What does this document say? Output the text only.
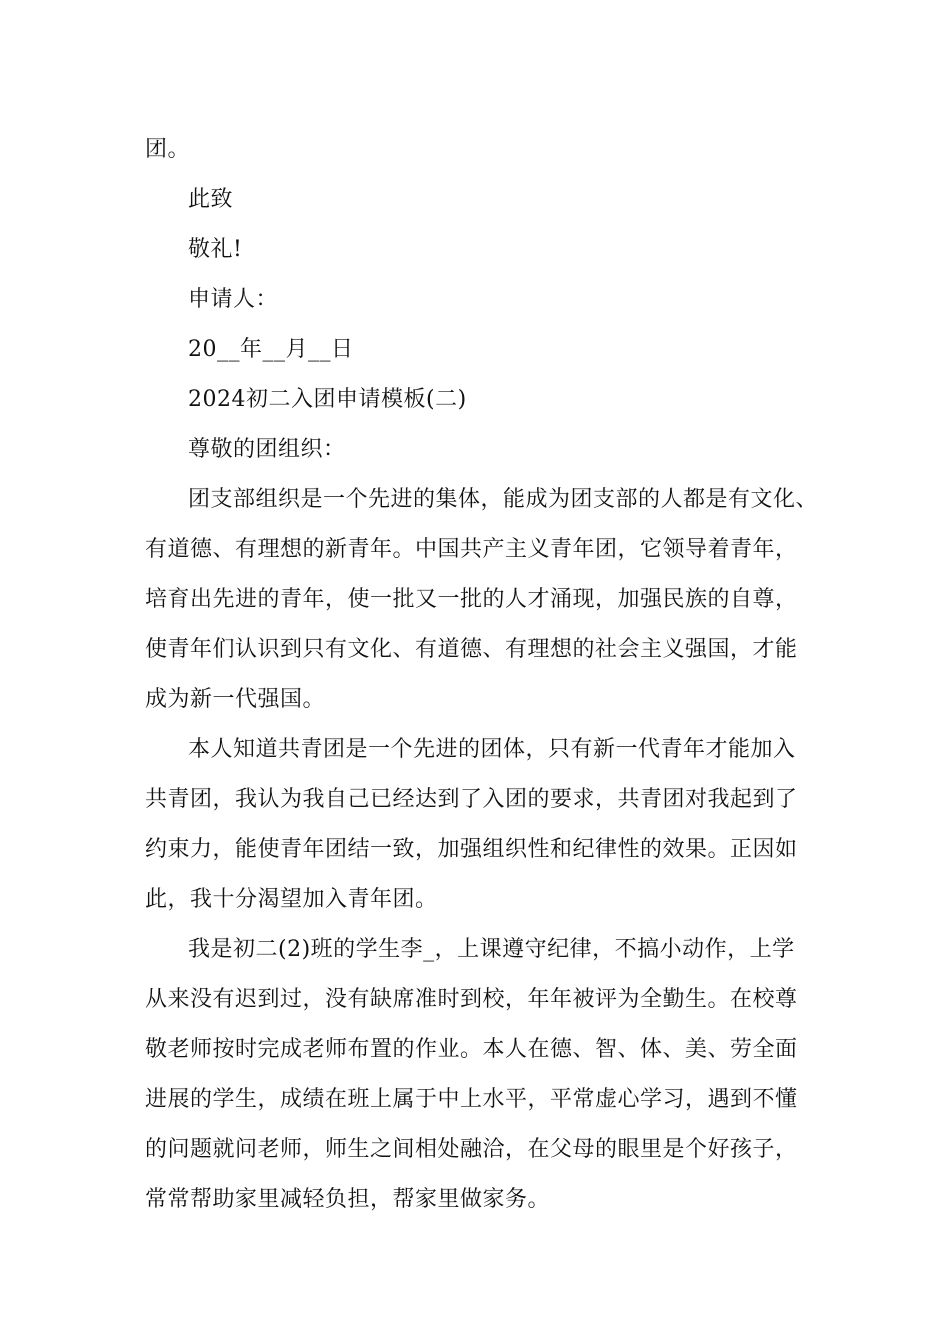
团。
此致
敬礼!
申请人：
20__年__月__日
2024初二入团申请模板(二)
尊敬的团组织：
团支部组织是一个先进的集体，能成为团支部的人都是有文化、
有道德、有理想的新青年。中国共产主义青年团，它领导着青年，
培育出先进的青年，使一批又一批的人才涌现，加强民族的自尊，
使青年们认识到只有文化、有道德、有理想的社会主义强国，才能
成为新一代强国。
本人知道共青团是一个先进的团体，只有新一代青年才能加入
共青团，我认为我自己已经达到了入团的要求，共青团对我起到了
约束力，能使青年团结一致，加强组织性和纪律性的效果。正因如
此，我十分渴望加入青年团。
我是初二(2)班的学生李_，上课遵守纪律，不搞小动作，上学
从来没有迟到过，没有缺席准时到校，年年被评为全勤生。在校尊
敬老师按时完成老师布置的作业。本人在德、智、体、美、劳全面
进展的学生，成绩在班上属于中上水平，平常虚心学习，遇到不懂
的问题就问老师，师生之间相处融洽，在父母的眼里是个好孩子，
常常帮助家里减轻负担，帮家里做家务。
